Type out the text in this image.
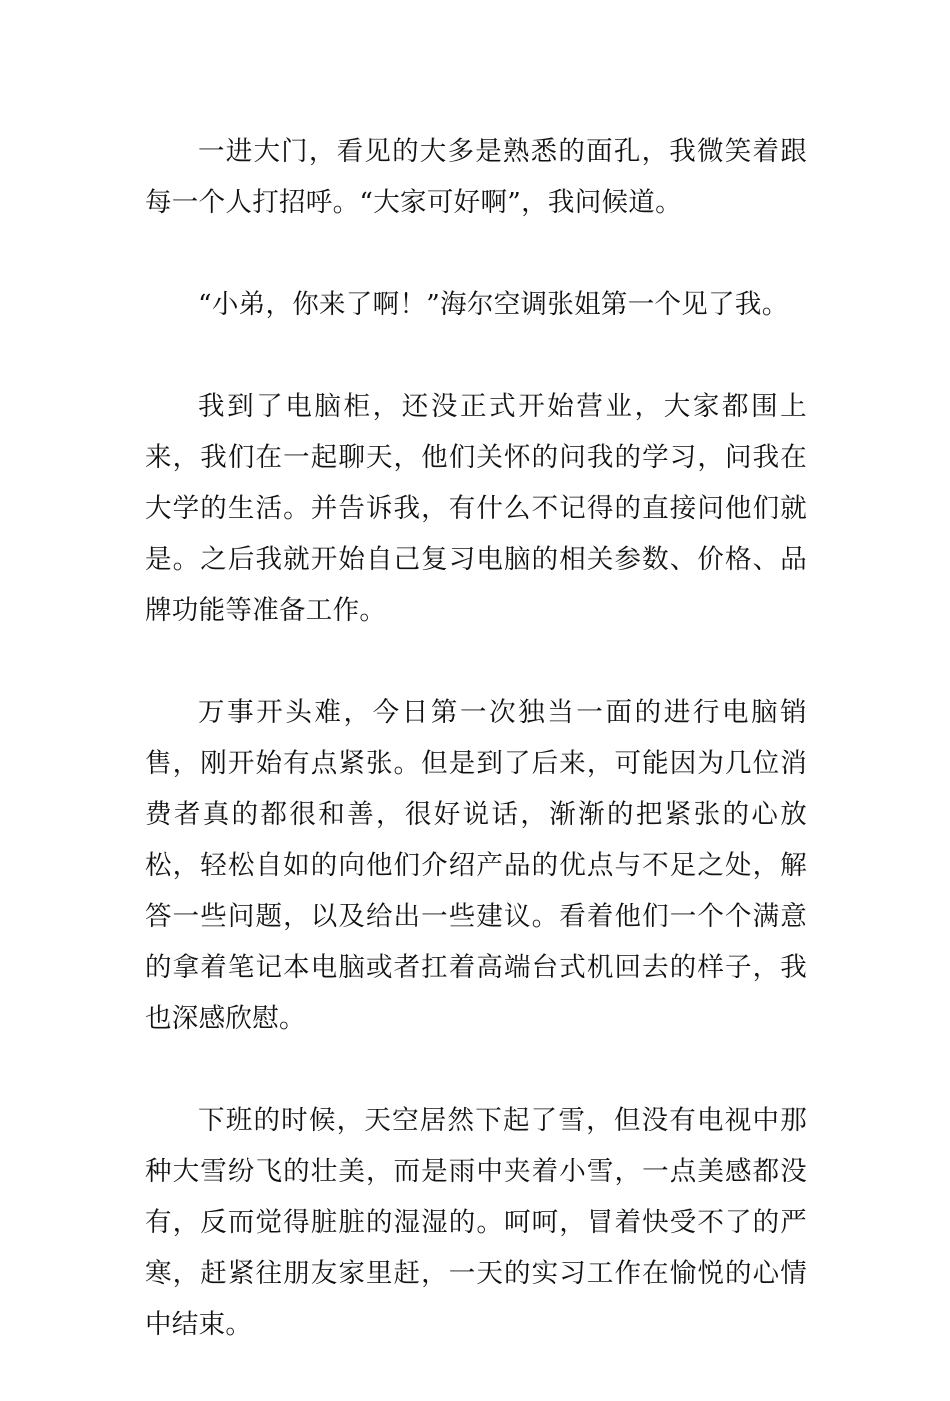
一进大门，看见的大多是熟悉的面孔，我微笑着跟每一个人打招呼。“大家可好啊”，我问候道。

“小弟，你来了啊！”海尔空调张姐第一个见了我。

我到了电脑柜，还没正式开始营业，大家都围上来，我们在一起聊天，他们关怀的问我的学习，问我在大学的生活。并告诉我，有什么不记得的直接问他们就是。之后我就开始自己复习电脑的相关参数、价格、品牌功能等准备工作。

万事开头难，今日第一次独当一面的进行电脑销售，刚开始有点紧张。但是到了后来，可能因为几位消费者真的都很和善，很好说话，渐渐的把紧张的心放松，轻松自如的向他们介绍产品的优点与不足之处，解答一些问题，以及给出一些建议。看着他们一个个满意的拿着笔记本电脑或者扛着高端台式机回去的样子，我也深感欣慰。

下班的时候，天空居然下起了雪，但没有电视中那种大雪纷飞的壮美，而是雨中夹着小雪，一点美感都没有，反而觉得脏脏的湿湿的。呵呵，冒着快受不了的严寒，赶紧往朋友家里赶，一天的实习工作在愉悦的心情中结束。
